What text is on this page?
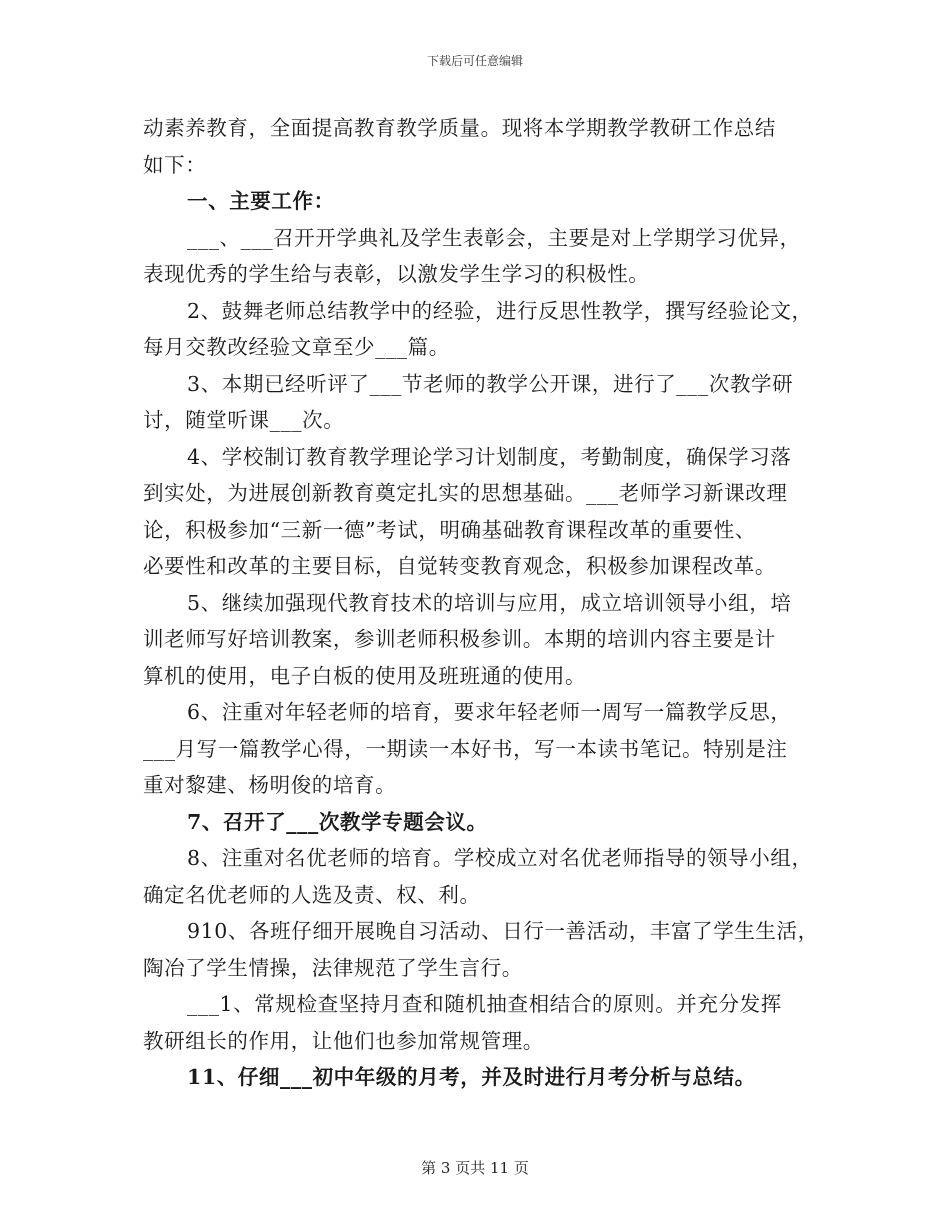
下载后可任意编辑
动素养教育，全面提高教育教学质量。现将本学期教学教研工作总结
如下：
一、主要工作：
___、___召开开学典礼及学生表彰会，主要是对上学期学习优异，
表现优秀的学生给与表彰，以激发学生学习的积极性。
2、鼓舞老师总结教学中的经验，进行反思性教学，撰写经验论文，
每月交教改经验文章至少___篇。
3、本期已经听评了___节老师的教学公开课，进行了___次教学研
讨，随堂听课___次。
4、学校制订教育教学理论学习计划制度，考勤制度，确保学习落
到实处，为进展创新教育奠定扎实的思想基础。___老师学习新课改理
论，积极参加“三新一德”考试，明确基础教育课程改革的重要性、
必要性和改革的主要目标，自觉转变教育观念，积极参加课程改革。
5、继续加强现代教育技术的培训与应用，成立培训领导小组，培
训老师写好培训教案，参训老师积极参训。本期的培训内容主要是计
算机的使用，电子白板的使用及班班通的使用。
6、注重对年轻老师的培育，要求年轻老师一周写一篇教学反思，
___月写一篇教学心得，一期读一本好书，写一本读书笔记。特别是注
重对黎建、杨明俊的培育。
7、召开了___次教学专题会议。
8、注重对名优老师的培育。学校成立对名优老师指导的领导小组，
确定名优老师的人选及责、权、利。
910、各班仔细开展晚自习活动、日行一善活动，丰富了学生生活，
陶冶了学生情操，法律规范了学生言行。
___1、常规检查坚持月查和随机抽查相结合的原则。并充分发挥
教研组长的作用，让他们也参加常规管理。
11、仔细___初中年级的月考，并及时进行月考分析与总结。
第 3 页共 11 页
